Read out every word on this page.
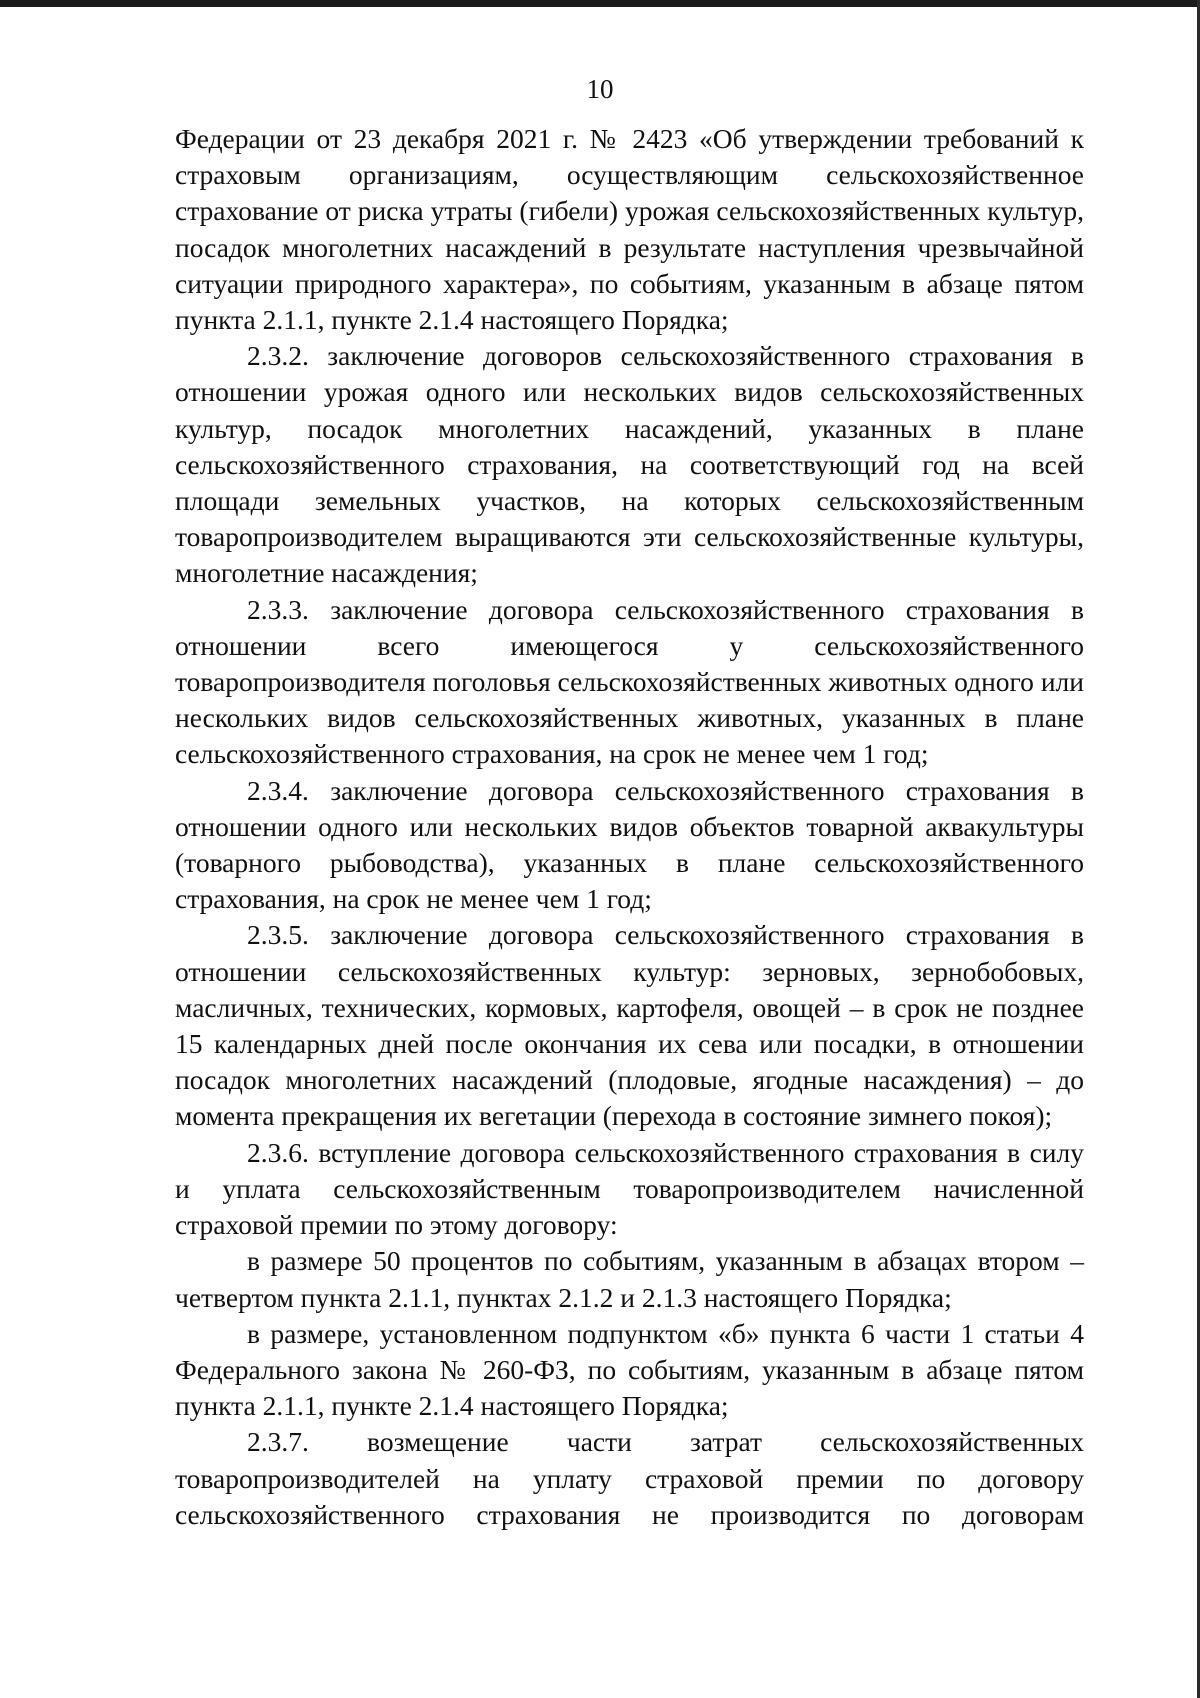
10

Федерации от 23 декабря 2021 г. № 2423 «Об утверждении требований к страховым организациям, осуществляющим сельскохозяйственное страхование от риска утраты (гибели) урожая сельскохозяйственных культур, посадок многолетних насаждений в результате наступления чрезвычайной ситуации природного характера», по событиям, указанным в абзаце пятом пункта 2.1.1, пункте 2.1.4 настоящего Порядка;

2.3.2. заключение договоров сельскохозяйственного страхования в отношении урожая одного или нескольких видов сельскохозяйственных культур, посадок многолетних насаждений, указанных в плане сельскохозяйственного страхования, на соответствующий год на всей площади земельных участков, на которых сельскохозяйственным товаропроизводителем выращиваются эти сельскохозяйственные культуры, многолетние насаждения;

2.3.3. заключение договора сельскохозяйственного страхования в отношении всего имеющегося у сельскохозяйственного товаропроизводителя поголовья сельскохозяйственных животных одного или нескольких видов сельскохозяйственных животных, указанных в плане сельскохозяйственного страхования, на срок не менее чем 1 год;

2.3.4. заключение договора сельскохозяйственного страхования в отношении одного или нескольких видов объектов товарной аквакультуры (товарного рыбоводства), указанных в плане сельскохозяйственного страхования, на срок не менее чем 1 год;

2.3.5. заключение договора сельскохозяйственного страхования в отношении сельскохозяйственных культур: зерновых, зернобобовых, масличных, технических, кормовых, картофеля, овощей – в срок не позднее 15 календарных дней после окончания их сева или посадки, в отношении посадок многолетних насаждений (плодовые, ягодные насаждения) – до момента прекращения их вегетации (перехода в состояние зимнего покоя);

2.3.6. вступление договора сельскохозяйственного страхования в силу и уплата сельскохозяйственным товаропроизводителем начисленной страховой премии по этому договору:

в размере 50 процентов по событиям, указанным в абзацах втором – четвертом пункта 2.1.1, пунктах 2.1.2 и 2.1.3 настоящего Порядка;

в размере, установленном подпунктом «б» пункта 6 части 1 статьи 4 Федерального закона № 260-ФЗ, по событиям, указанным в абзаце пятом пункта 2.1.1, пункте 2.1.4 настоящего Порядка;

2.3.7. возмещение части затрат сельскохозяйственных товаропроизводителей на уплату страховой премии по договору сельскохозяйственного страхования не производится по договорам
